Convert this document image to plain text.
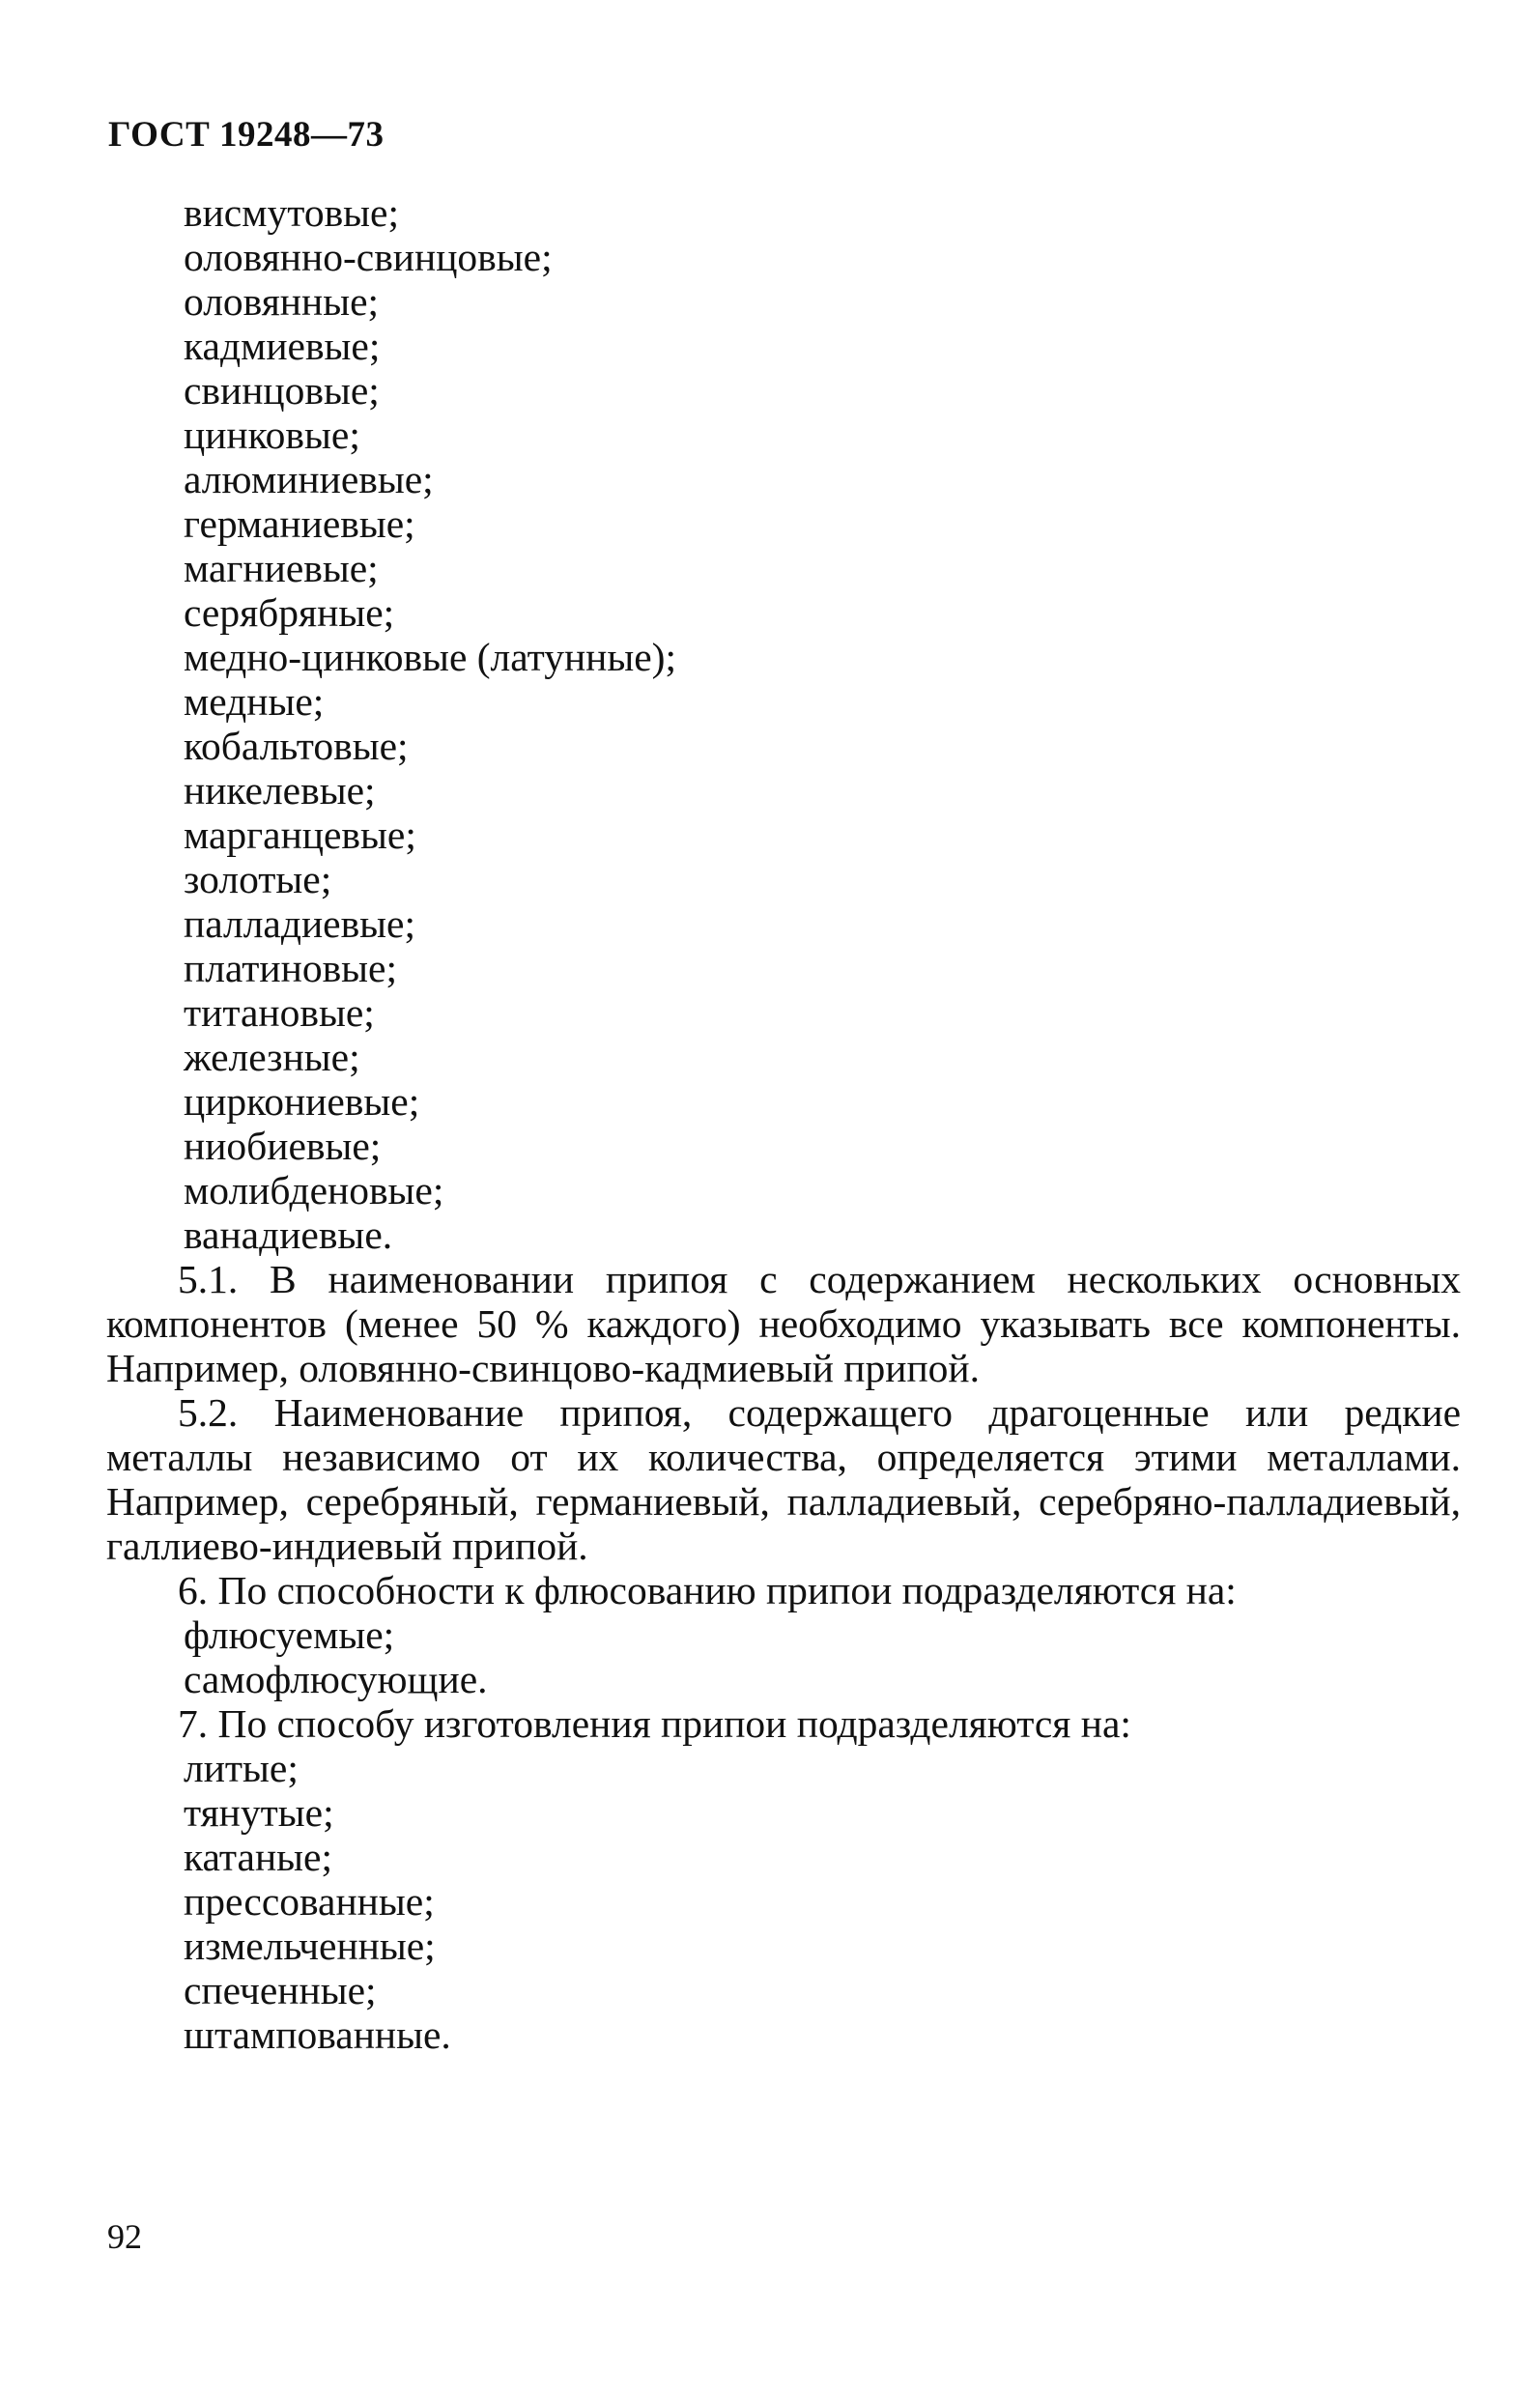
ГОСТ 19248—73
висмутовые;
оловянно-свинцовые;
оловянные;
кадмиевые;
свинцовые;
цинковые;
алюминиевые;
германиевые;
магниевые;
серябряные;
медно-цинковые (латунные);
медные;
кобальтовые;
никелевые;
марганцевые;
золотые;
палладиевые;
платиновые;
титановые;
железные;
циркониевые;
ниобиевые;
молибденовые;
ванадиевые.

5.1. В наименовании припоя с содержанием нескольких основных компонентов (менее 50 % каждого) необходимо указывать все компоненты. Например, оловянно-свинцово-кадмиевый припой.

5.2. Наименование припоя, содержащего драгоценные или редкие металлы независимо от их количества, определяется этими металлами. Например, серебряный, германиевый, палладиевый, серебряно-палладиевый, галлиево-индиевый припой.

6. По способности к флюсованию припои подразделяются на:

флюсуемые;
самофлюсующие.

7. По способу изготовления припои подразделяются на:

литые;
тянутые;
катаные;
прессованные;
измельченные;
спеченные;
штампованные.
92
